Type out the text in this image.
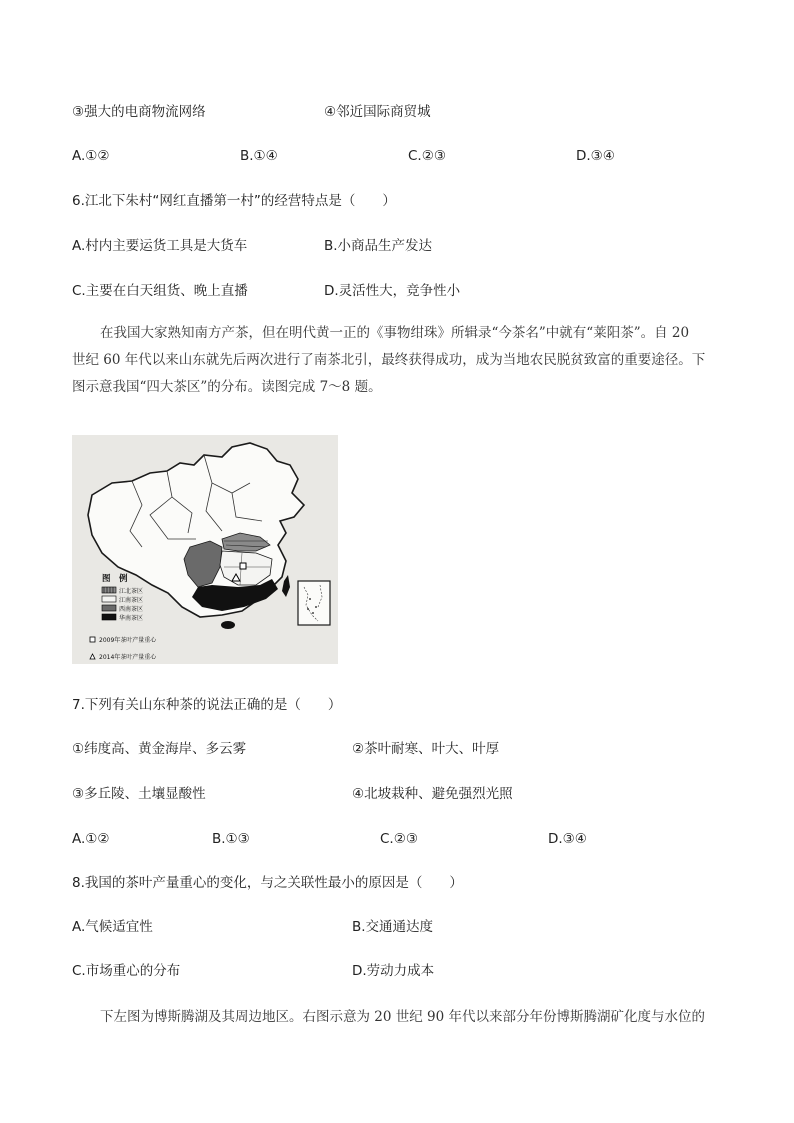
③强大的电商物流网络	④邻近国际商贸城
A.①②	B.①④	C.②③	D.③④
6.江北下朱村“网红直播第一村”的经营特点是（　　）
A.村内主要运货工具是大货车	B.小商品生产发达
C.主要在白天组货、晚上直播	D.灵活性大，竞争性小
在我国大家熟知南方产茶，但在明代黄一正的《事物绀珠》所辑录“今茶名”中就有“莱阳茶”。自 20
世纪 60 年代以来山东就先后两次进行了南茶北引，最终获得成功，成为当地农民脱贫致富的重要途径。下
图示意我国“四大茶区”的分布。读图完成 7～8 题。
图　例
江北茶区
江南茶区
西南茶区
华南茶区
2009年茶叶产量重心
2014年茶叶产量重心
7.下列有关山东种茶的说法正确的是（　　）
①纬度高、黄金海岸、多云雾	②茶叶耐寒、叶大、叶厚
③多丘陵、土壤显酸性	④北坡栽种、避免强烈光照
A.①②	B.①③	C.②③	D.③④
8.我国的茶叶产量重心的变化，与之关联性最小的原因是（　　）
A.气候适宜性	B.交通通达度
C.市场重心的分布	D.劳动力成本
下左图为博斯腾湖及其周边地区。右图示意为 20 世纪 90 年代以来部分年份博斯腾湖矿化度与水位的
